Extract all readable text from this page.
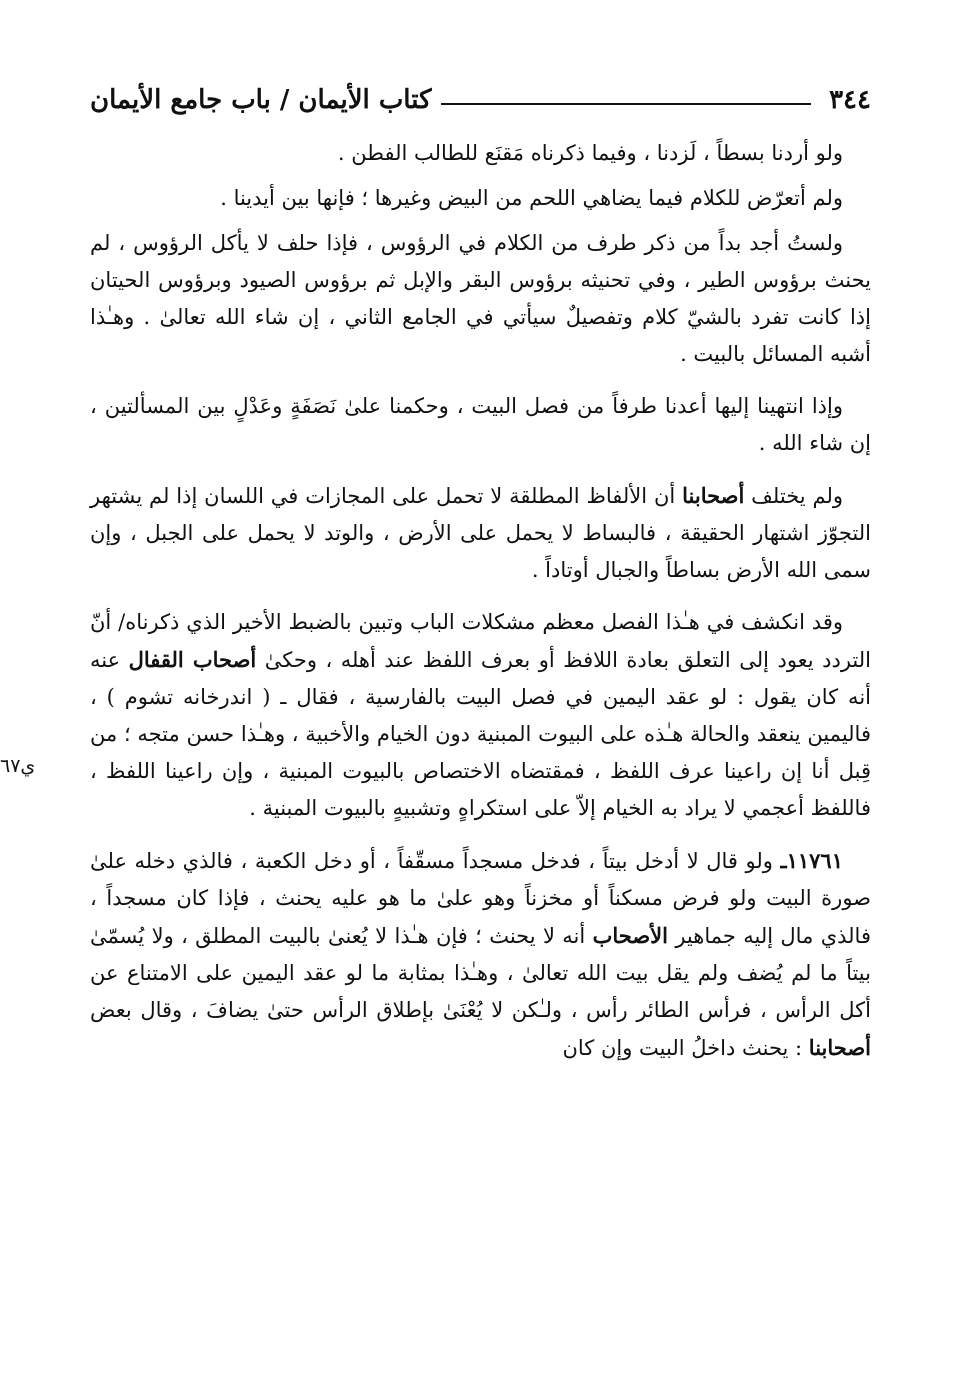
٣٤٤
كتاب الأيمان / باب جامع الأيمان
ي٦٧

ولو أردنا بسطاً ، لَزدنا ، وفيما ذكرناه مَقنَع للطالب الفطن .

ولم أتعرّض للكلام فيما يضاهي اللحم من البيض وغيرها ؛ فإنها بين أيدينا .

ولستُ أجد بداً من ذكر طرف من الكلام في الرؤوس ، فإذا حلف لا يأكل الرؤوس ، لم يحنث برؤوس الطير ، وفي تحنيثه برؤوس البقر والإبل ثم برؤوس الصيود وبرؤوس الحيتان إذا كانت تفرد بالشيّ كلام وتفصيلٌ سيأتي في الجامع الثاني ، إن شاء الله تعالىٰ . وهـٰذا أشبه المسائل بالبيت .

وإذا انتهينا إليها أعدنا طرفاً من فصل البيت ، وحكمنا علىٰ نَصَفَةٍ وعَدْلٍ بين المسألتين ، إن شاء الله .

ولم يختلف أصحابنا أن الألفاظ المطلقة لا تحمل على المجازات في اللسان إذا لم يشتهر التجوّز اشتهار الحقيقة ، فالبساط لا يحمل على الأرض ، والوتد لا يحمل على الجبل ، وإن سمى الله الأرض بساطاً والجبال أوتاداً .

وقد انكشف في هـٰذا الفصل معظم مشكلات الباب وتبين بالضبط الأخير الذي ذكرناه/ أنّ التردد يعود إلى التعلق بعادة اللافظ أو بعرف اللفظ عند أهله ، وحكىٰ أصحاب القفال عنه أنه كان يقول : لو عقد اليمين في فصل البيت بالفارسية ، فقال ـ ( اندرخانه تشوم ) ، فاليمين ينعقد والحالة هـٰذه على البيوت المبنية دون الخيام والأخبية ، وهـٰذا حسن متجه ؛ من قِبل أنا إن راعينا عرف اللفظ ، فمقتضاه الاختصاص بالبيوت المبنية ، وإن راعينا اللفظ ، فاللفظ أعجمي لا يراد به الخيام إلاّ على استكراهٍ وتشبيهٍ بالبيوت المبنية .

١١٧٦١ـ ولو قال لا أدخل بيتاً ، فدخل مسجداً مسقّفاً ، أو دخل الكعبة ، فالذي دخله علىٰ صورة البيت ولو فرض مسكناً أو مخزناً وهو علىٰ ما هو عليه يحنث ، فإذا كان مسجداً ، فالذي مال إليه جماهير الأصحاب أنه لا يحنث ؛ فإن هـٰذا لا يُعنىٰ بالبيت المطلق ، ولا يُسمّىٰ بيتاً ما لم يُضف ولم يقل بيت الله تعالىٰ ، وهـٰذا بمثابة ما لو عقد اليمين على الامتناع عن أكل الرأس ، فرأس الطائر رأس ، ولـٰكن لا يُعْنَىٰ بإطلاق الرأس حتىٰ يضافَ ، وقال بعض أصحابنا : يحنث داخلُ البيت وإن كان
